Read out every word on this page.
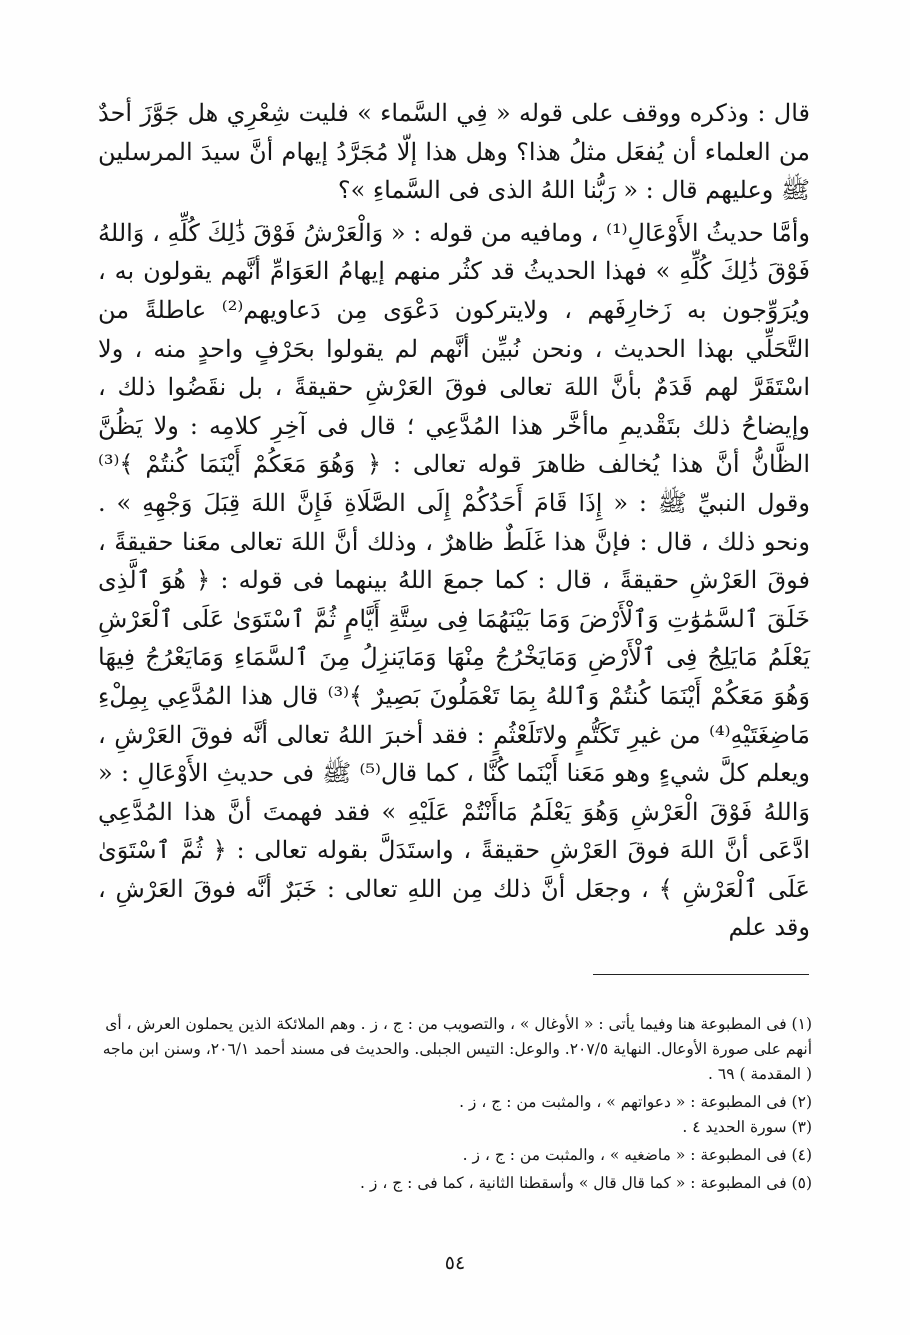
قال : وذكره ووقف على قوله « فِي السَّماء » فليت شِعْرِي هل جَوَّزَ أحدٌ من العلماء أن يُفعَل مثلُ هذا؟ وهل هذا إلّا مُجَرَّدُ إيهام أنَّ سيدَ المرسلين ﷺ وعليهم قال : « رَبُّنا اللهُ الذى فى السَّماءِ »؟

وأمَّا حديثُ الأَوْعَالِ⁽¹⁾ ، ومافيه من قوله : « وَالْعَرْشُ فَوْقَ ذَٰلِكَ كُلِّهِ ، وَاللهُ فَوْقَ ذَٰلِكَ كُلِّهِ » فهذا الحديثُ قد كثُر منهم إيهامُ العَوَامِّ أنَّهم يقولون به ، ويُرَوِّجون به زَخارِفَهم ، ولايتركون دَعْوَى مِن دَعاويهم⁽²⁾ عاطلةً من التَّحَلِّي بهذا الحديث ، ونحن نُبيِّن أنَّهم لم يقولوا بحَرْفٍ واحدٍ منه ، ولا اسْتَقَرَّ لهم قَدَمٌ بأنَّ اللهَ تعالى فوقَ العَرْشِ حقيقةً ، بل نقَضُوا ذلك ، وإيضاحُ ذلك بتَقْديمِ ماأخَّر هذا المُدَّعِي ؛ قال فى آخِرِ كلامِه : ولا يَظُنَّ الظَّانُّ أنَّ هذا يُخالف ظاهرَ قوله تعالى : ﴿ وَهُوَ مَعَكُمْ أَيْنَمَا كُنتُمْ ﴾⁽³⁾ وقول النبيِّ ﷺ : « إِذَا قَامَ أَحَدُكُمْ إِلَى الصَّلَاةِ فَإِنَّ اللهَ قِبَلَ وَجْهِهِ » . ونحو ذلك ، قال : فإنَّ هذا غَلَطٌ ظاهرٌ ، وذلك أنَّ اللهَ تعالى معَنا حقيقةً ، فوقَ العَرْشِ حقيقةً ، قال : كما جمعَ اللهُ بينهما فى قوله : ﴿ هُوَ ٱلَّذِى خَلَقَ ٱلسَّمَٰوَٰتِ وَٱلْأَرْضَ وَمَا بَيْنَهُمَا فِى سِتَّةِ أَيَّامٍ ثُمَّ ٱسْتَوَىٰ عَلَى ٱلْعَرْشِ يَعْلَمُ مَايَلِجُ فِى ٱلْأَرْضِ وَمَايَخْرُجُ مِنْهَا وَمَايَنزِلُ مِنَ ٱلسَّمَاءِ وَمَايَعْرُجُ فِيهَا وَهُوَ مَعَكُمْ أَيْنَمَا كُنتُمْ وَٱللهُ بِمَا تَعْمَلُونَ بَصِيرٌ ﴾⁽³⁾ قال هذا المُدَّعِي بِمِلْءِ مَاضِغَتَيْهِ⁽⁴⁾ من غيرِ تَكَتُّمٍ ولاتَلَعْثُمٍ : فقد أخبرَ اللهُ تعالى أنَّه فوقَ العَرْشِ ، ويعلم كلَّ شيءٍ وهو مَعَنا أَيْنَما كُنَّا ، كما قال⁽⁵⁾ ﷺ فى حديثِ الأَوْعَالِ : « وَاللهُ فَوْقَ الْعَرْشِ وَهُوَ يَعْلَمُ مَاأَنْتُمْ عَلَيْهِ » فقد فهمتَ أنَّ هذا المُدَّعِي ادَّعَى أنَّ اللهَ فوقَ العَرْشِ حقيقةً ، واستَدَلَّ بقوله تعالى : ﴿ ثُمَّ ٱسْتَوَىٰ عَلَى ٱلْعَرْشِ ﴾ ، وجعَل أنَّ ذلك مِن اللهِ تعالى : خَبَرٌ أنَّه فوقَ العَرْشِ ، وقد علم

(١) فى المطبوعة هنا وفيما يأتى : « الأوغال » ، والتصويب من : ج ، ز . وهم الملائكة الذين يحملون العرش ، أى أنهم على صورة الأوعال. النهاية ٢٠٧/٥. والوعل: التيس الجبلى. والحديث فى مسند أحمد ٢٠٦/١، وسنن ابن ماجه ( المقدمة ) ٦٩ .

(٢) فى المطبوعة : « دعواتهم » ، والمثبت من : ج ، ز .

(٣) سورة الحديد ٤ .

(٤) فى المطبوعة : « ماضغيه » ، والمثبت من : ج ، ز .

(٥) فى المطبوعة : « كما قال قال » وأسقطنا الثانية ، كما فى : ج ، ز .

٥٤
